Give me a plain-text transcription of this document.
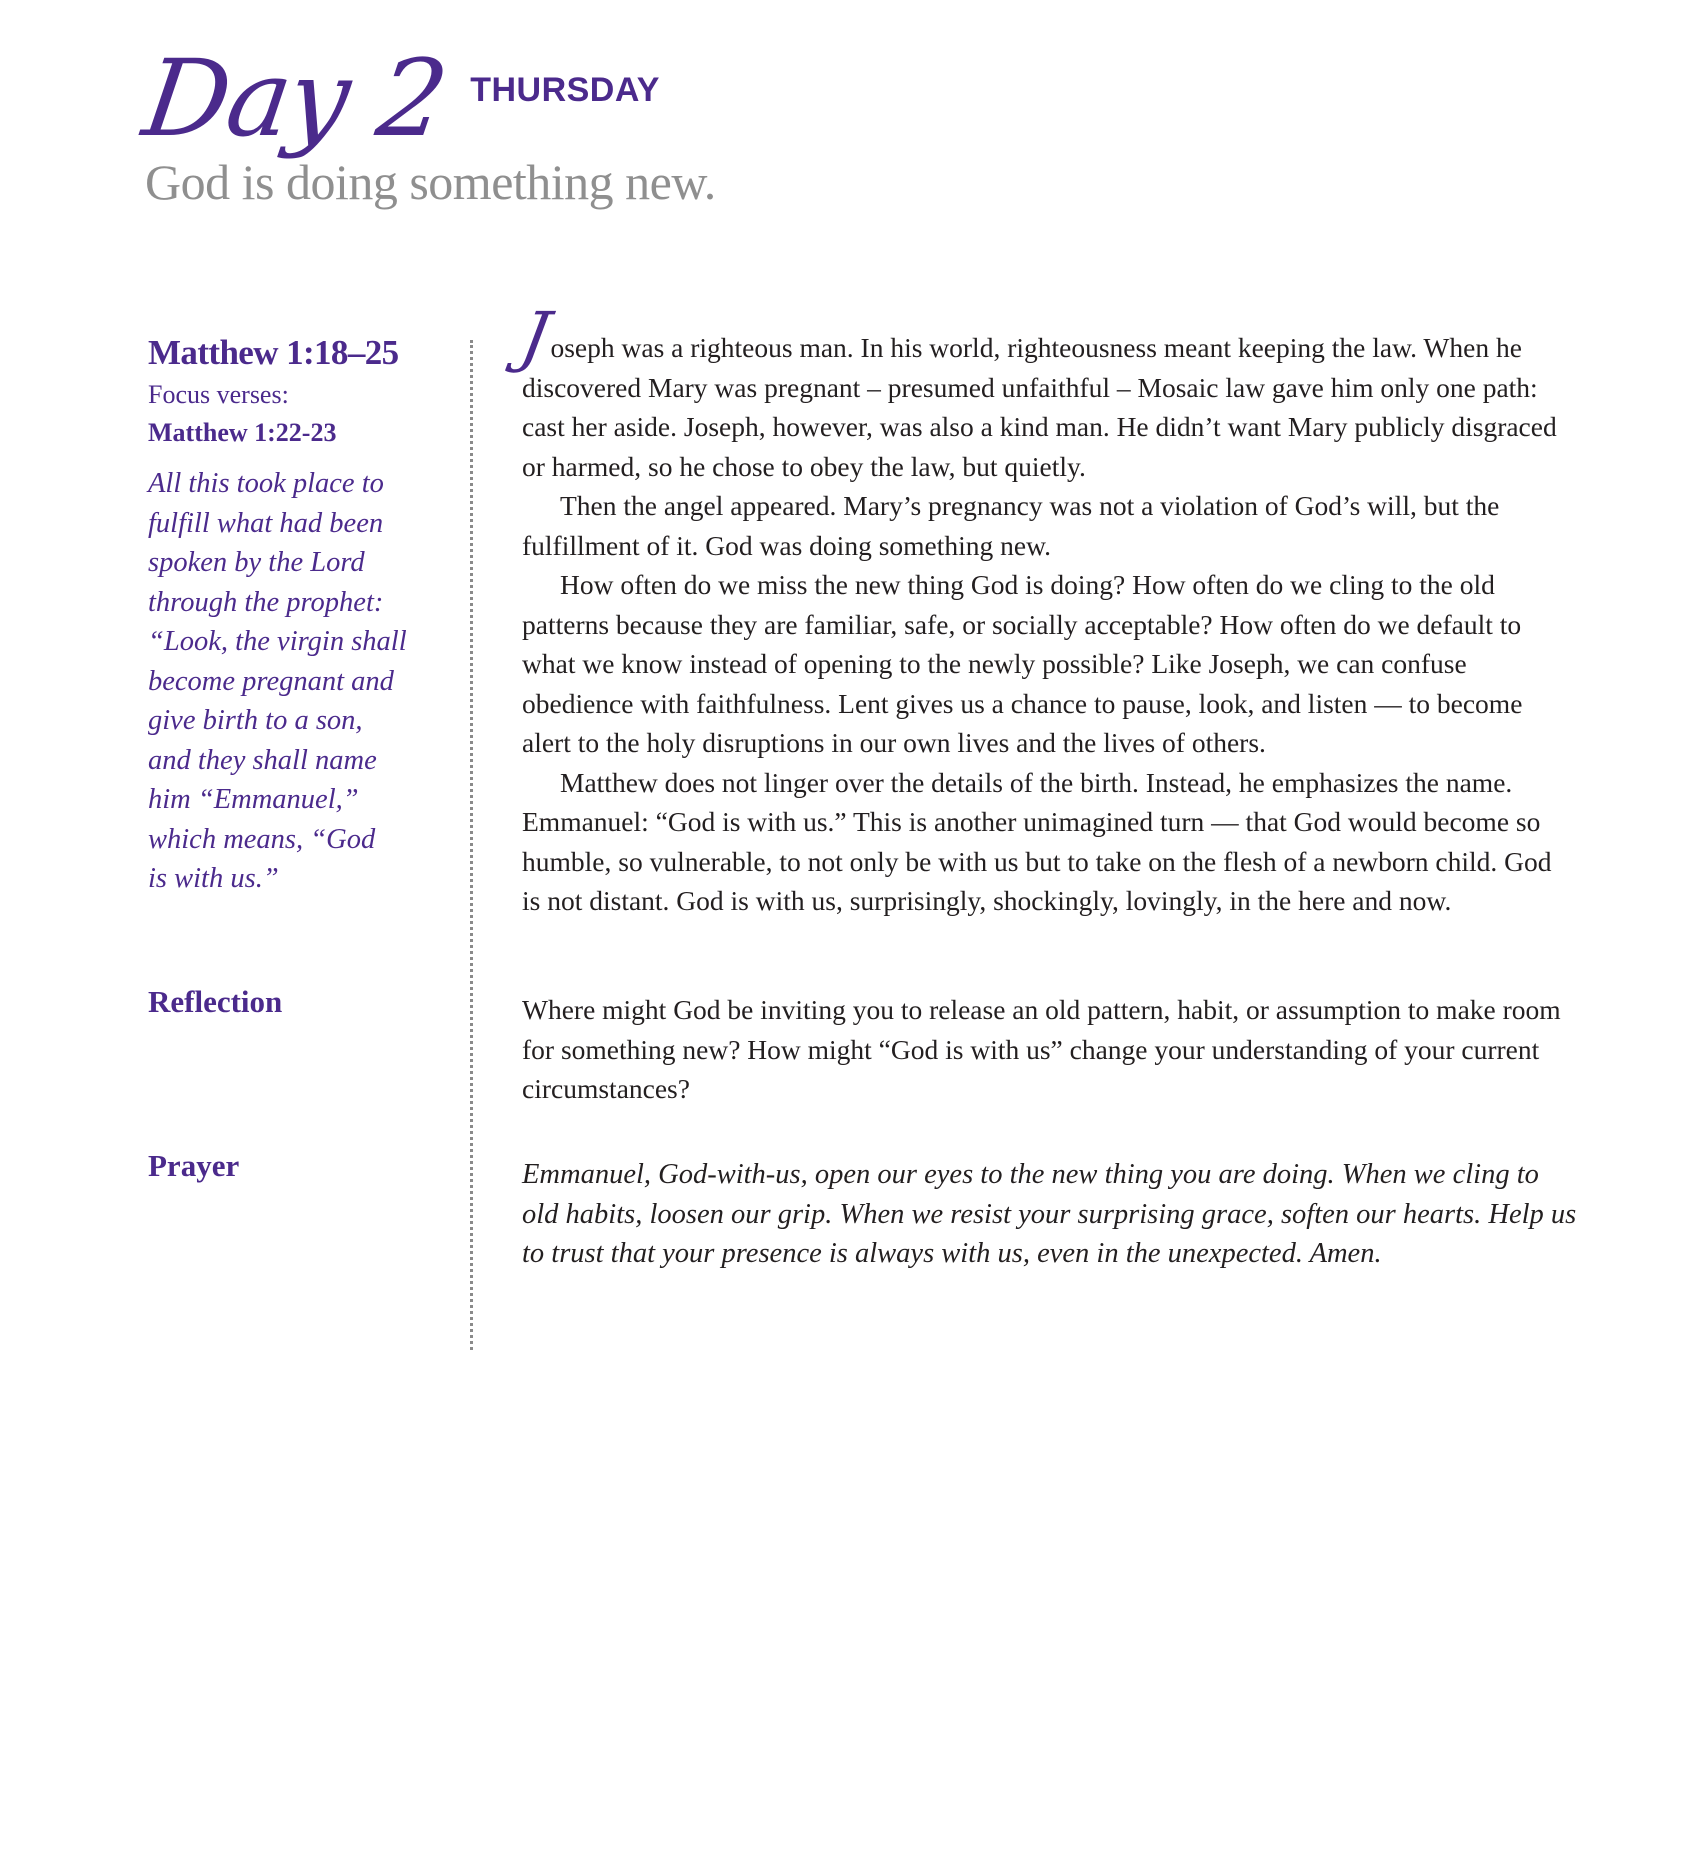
Day 2 THURSDAY
God is doing something new.
Matthew 1:18–25
Focus verses:
Matthew 1:22-23
All this took place to
fulfill what had been
spoken by the Lord
through the prophet:
“Look, the virgin shall
become pregnant and
give birth to a son,
and they shall name
him “Emmanuel,”
which means, “God
is with us.”
Reflection
Prayer

Joseph was a righteous man. In his world, righteousness meant keeping the law. When he discovered Mary was pregnant – presumed unfaithful – Mosaic law gave him only one path: cast her aside. Joseph, however, was also a kind man. He didn’t want Mary publicly disgraced or harmed, so he chose to obey the law, but quietly.

Then the angel appeared. Mary’s pregnancy was not a violation of God’s will, but the fulfillment of it. God was doing something new.

How often do we miss the new thing God is doing? How often do we cling to the old patterns because they are familiar, safe, or socially acceptable? How often do we default to what we know instead of opening to the newly possible? Like Joseph, we can confuse obedience with faithfulness. Lent gives us a chance to pause, look, and listen — to become alert to the holy disruptions in our own lives and the lives of others.

Matthew does not linger over the details of the birth. Instead, he emphasizes the name. Emmanuel: “God is with us.” This is another unimagined turn — that God would become so humble, so vulnerable, to not only be with us but to take on the flesh of a newborn child. God is not distant. God is with us, surprisingly, shockingly, lovingly, in the here and now.

Where might God be inviting you to release an old pattern, habit, or assumption to make room for something new? How might “God is with us” change your understanding of your current circumstances?
Emmanuel, God-with-us, open our eyes to the new thing you are doing. When we cling to old habits, loosen our grip. When we resist your surprising grace, soften our hearts. Help us to trust that your presence is always with us, even in the unexpected. Amen.
